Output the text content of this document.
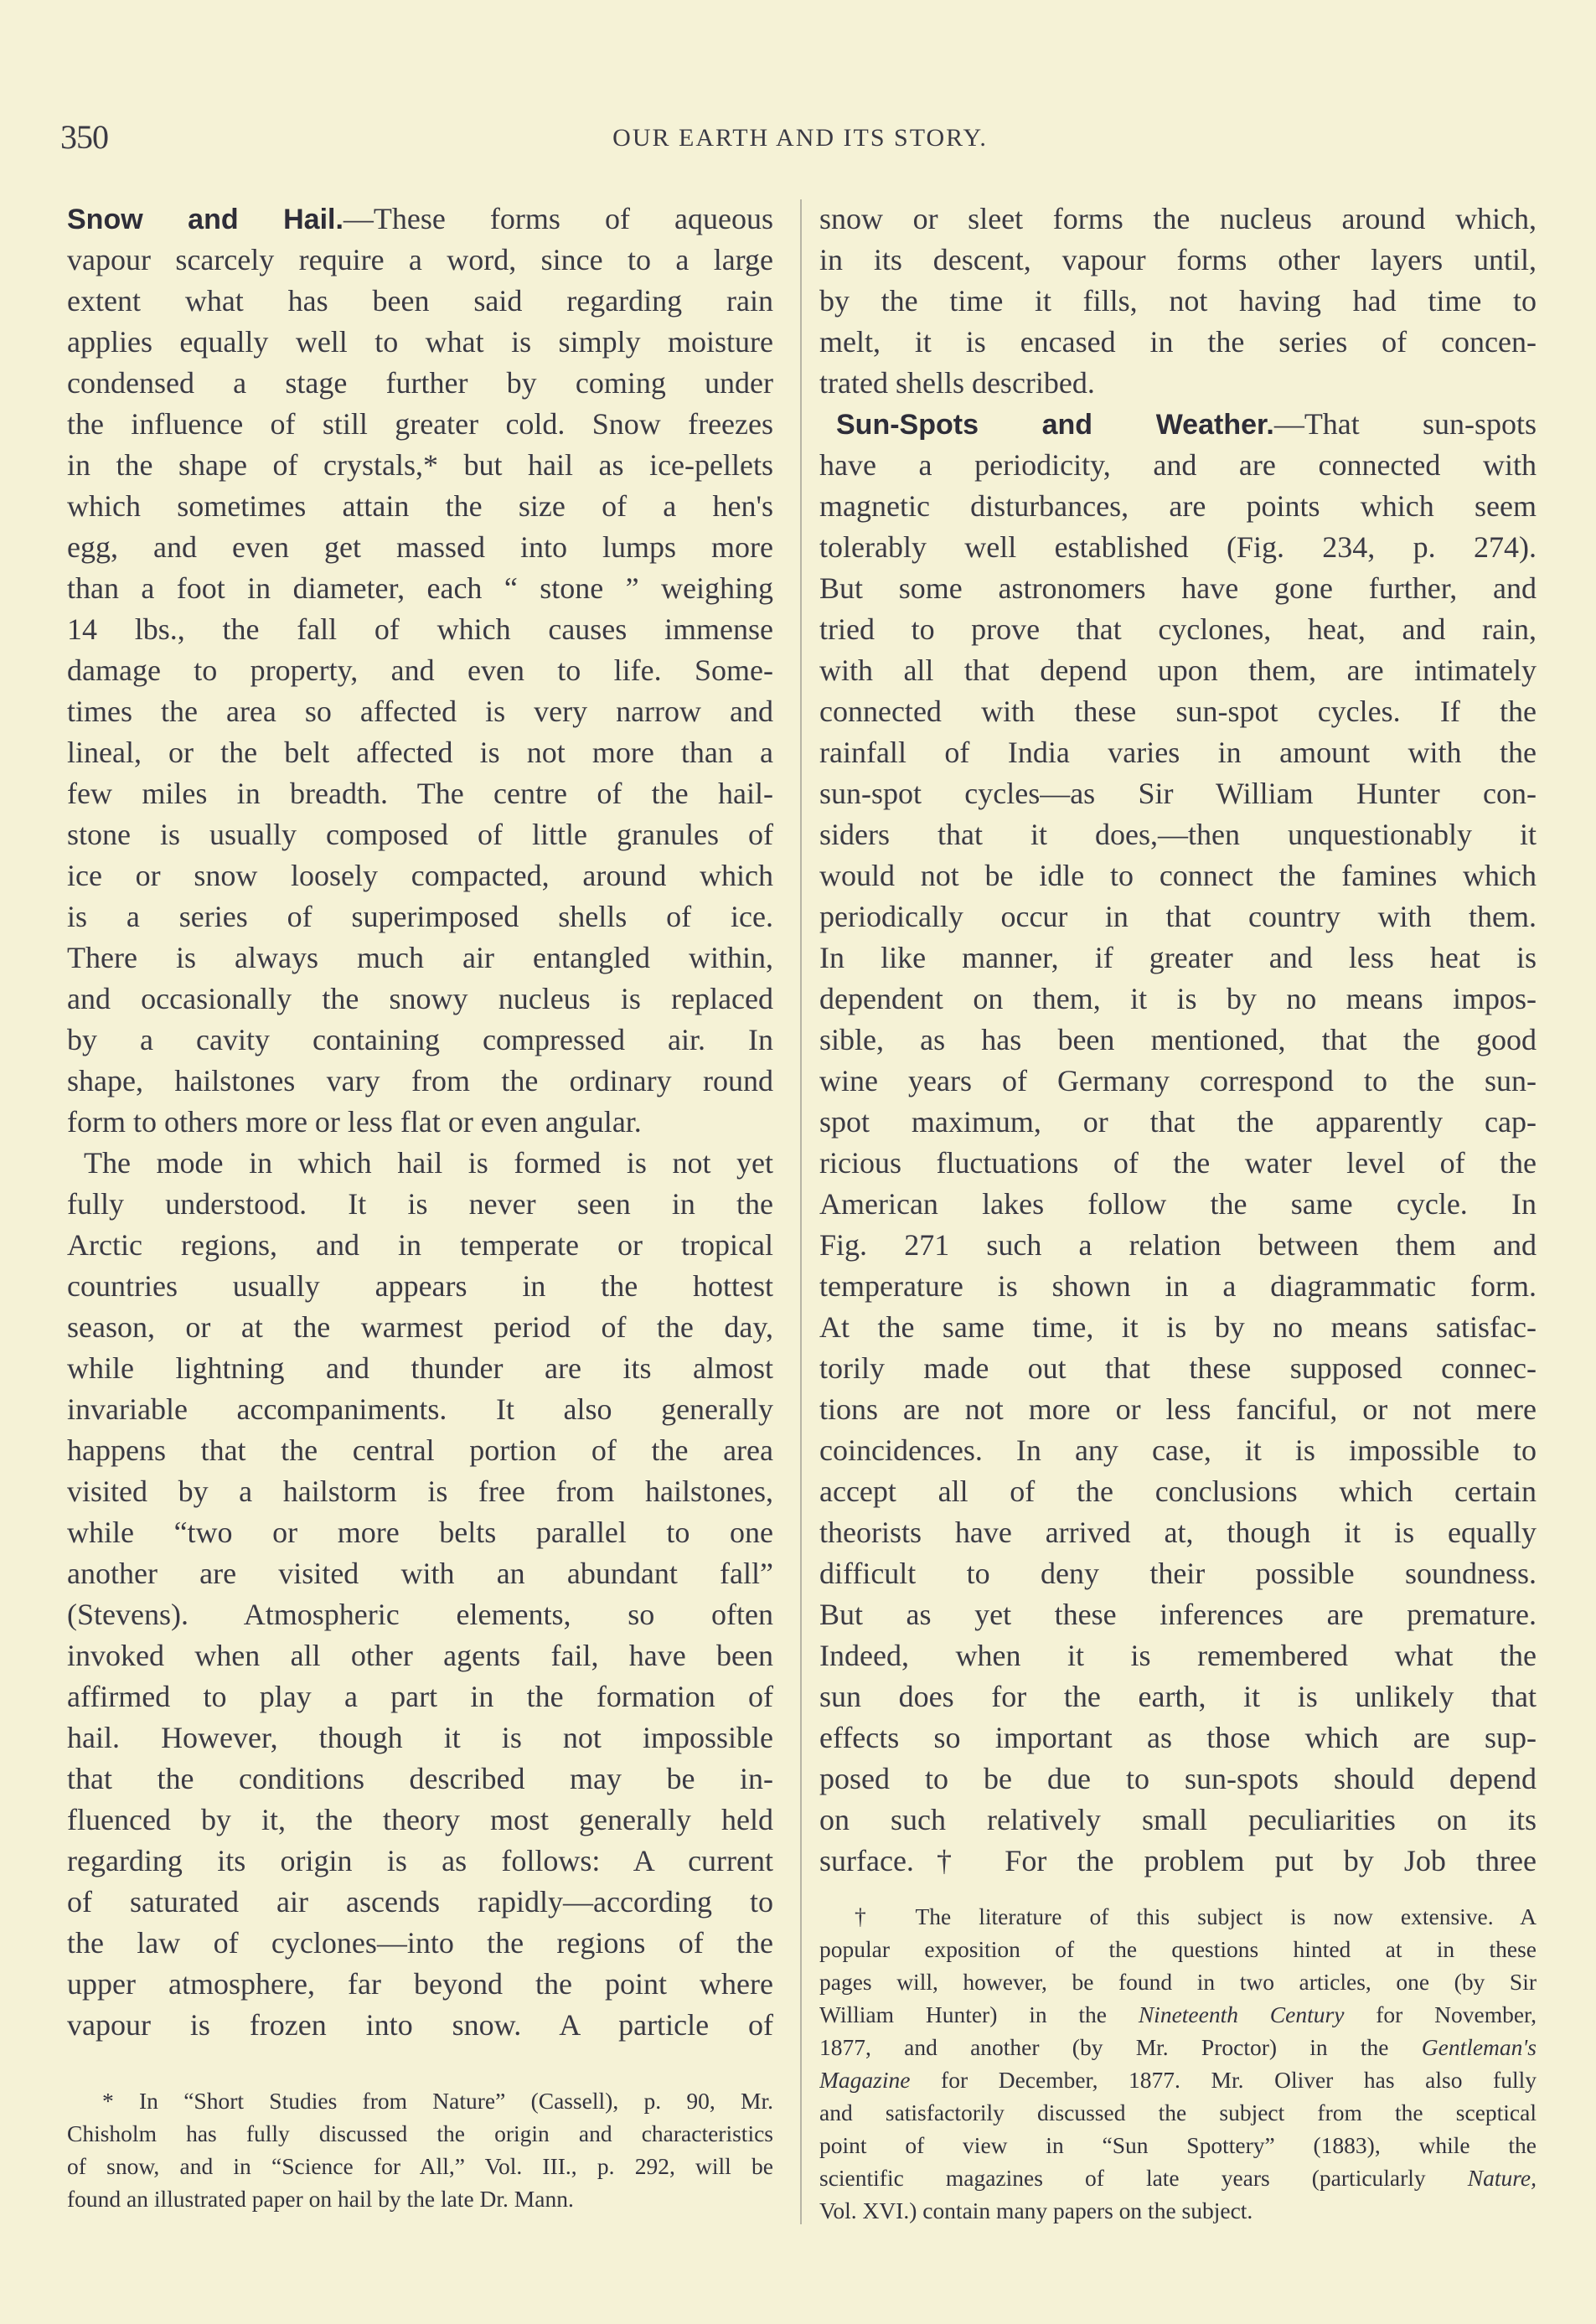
350	OUR EARTH AND ITS STORY.
Snow and Hail.—These forms of aqueous
vapour scarcely require a word, since to a large
extent what has been said regarding rain
applies equally well to what is simply moisture
condensed a stage further by coming under
the influence of still greater cold. Snow freezes
in the shape of crystals,* but hail as ice-pellets
which sometimes attain the size of a hen's
egg, and even get massed into lumps more
than a foot in diameter, each “ stone ” weighing
14 lbs., the fall of which causes immense
damage to property, and even to life. Some-
times the area so affected is very narrow and
lineal, or the belt affected is not more than a
few miles in breadth. The centre of the hail-
stone is usually composed of little granules of
ice or snow loosely compacted, around which
is a series of superimposed shells of ice.
There is always much air entangled within,
and occasionally the snowy nucleus is replaced
by a cavity containing compressed air. In
shape, hailstones vary from the ordinary round
form to others more or less flat or even angular.
The mode in which hail is formed is not yet
fully understood. It is never seen in the
Arctic regions, and in temperate or tropical
countries usually appears in the hottest
season, or at the warmest period of the day,
while lightning and thunder are its almost
invariable accompaniments. It also generally
happens that the central portion of the area
visited by a hailstorm is free from hailstones,
while “two or more belts parallel to one
another are visited with an abundant fall”
(Stevens). Atmospheric elements, so often
invoked when all other agents fail, have been
affirmed to play a part in the formation of
hail. However, though it is not impossible
that the conditions described may be in-
fluenced by it, the theory most generally held
regarding its origin is as follows: A current
of saturated air ascends rapidly—according to
the law of cyclones—into the regions of the
upper atmosphere, far beyond the point where
vapour is frozen into snow. A particle of
snow or sleet forms the nucleus around which,
in its descent, vapour forms other layers until,
by the time it fills, not having had time to
melt, it is encased in the series of concen-
trated shells described.
Sun-Spots and Weather.—That sun-spots
have a periodicity, and are connected with
magnetic disturbances, are points which seem
tolerably well established (Fig. 234, p. 274).
But some astronomers have gone further, and
tried to prove that cyclones, heat, and rain,
with all that depend upon them, are intimately
connected with these sun-spot cycles. If the
rainfall of India varies in amount with the
sun-spot cycles—as Sir William Hunter con-
siders that it does,—then unquestionably it
would not be idle to connect the famines which
periodically occur in that country with them.
In like manner, if greater and less heat is
dependent on them, it is by no means impos-
sible, as has been mentioned, that the good
wine years of Germany correspond to the sun-
spot maximum, or that the apparently cap-
ricious fluctuations of the water level of the
American lakes follow the same cycle. In
Fig. 271 such a relation between them and
temperature is shown in a diagrammatic form.
At the same time, it is by no means satisfac-
torily made out that these supposed connec-
tions are not more or less fanciful, or not mere
coincidences. In any case, it is impossible to
accept all of the conclusions which certain
theorists have arrived at, though it is equally
difficult to deny their possible soundness.
But as yet these inferences are premature.
Indeed, when it is remembered what the
sun does for the earth, it is unlikely that
effects so important as those which are sup-
posed to be due to sun-spots should depend
on such relatively small peculiarities on its
surface.† For the problem put by Job three
* In “Short Studies from Nature” (Cassell), p. 90, Mr.
Chisholm has fully discussed the origin and characteristics
of snow, and in “Science for All,” Vol. III., p. 292, will be
found an illustrated paper on hail by the late Dr. Mann.
† The literature of this subject is now extensive. A
popular exposition of the questions hinted at in these
pages will, however, be found in two articles, one (by Sir
William Hunter) in the Nineteenth Century for November,
1877, and another (by Mr. Proctor) in the Gentleman's
Magazine for December, 1877. Mr. Oliver has also fully
and satisfactorily discussed the subject from the sceptical
point of view in “Sun Spottery” (1883), while the
scientific magazines of late years (particularly Nature,
Vol. XVI.) contain many papers on the subject.
